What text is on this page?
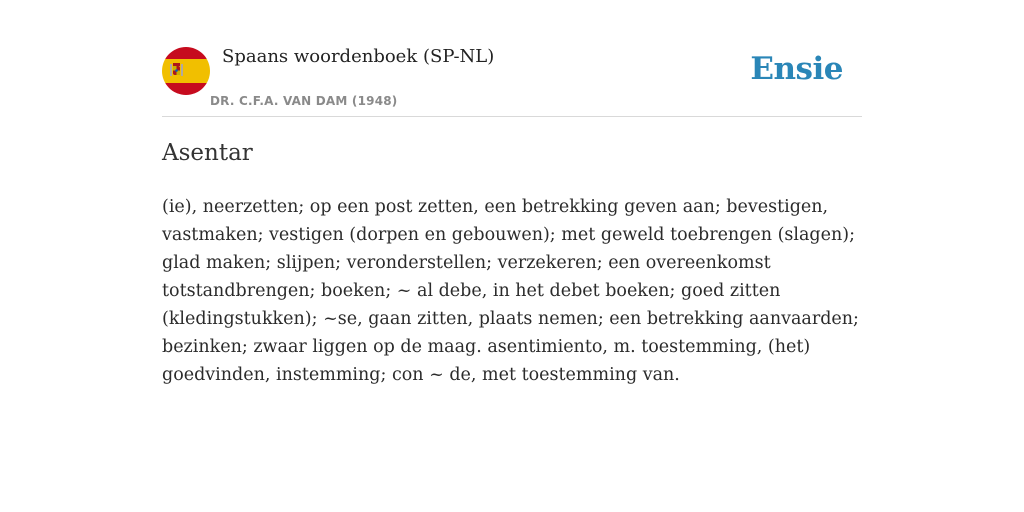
Spaans woordenboek (SP-NL)
DR. C.F.A. VAN DAM (1948)
Ensie
Asentar

(ie), neerzetten; op een post zetten, een betrekking geven aan; bevestigen, vastmaken; vestigen (dorpen en gebouwen); met geweld toebrengen (slagen); glad maken; slijpen; veronderstellen; verzekeren; een overeenkomst totstandbrengen; boeken; ~ al debe, in het debet boeken; goed zitten (kledingstukken); ~se, gaan zitten, plaats nemen; een betrekking aanvaarden; bezinken; zwaar liggen op de maag. asentimiento, m. toestemming, (het) goedvinden, instemming; con ~ de, met toestemming van.
